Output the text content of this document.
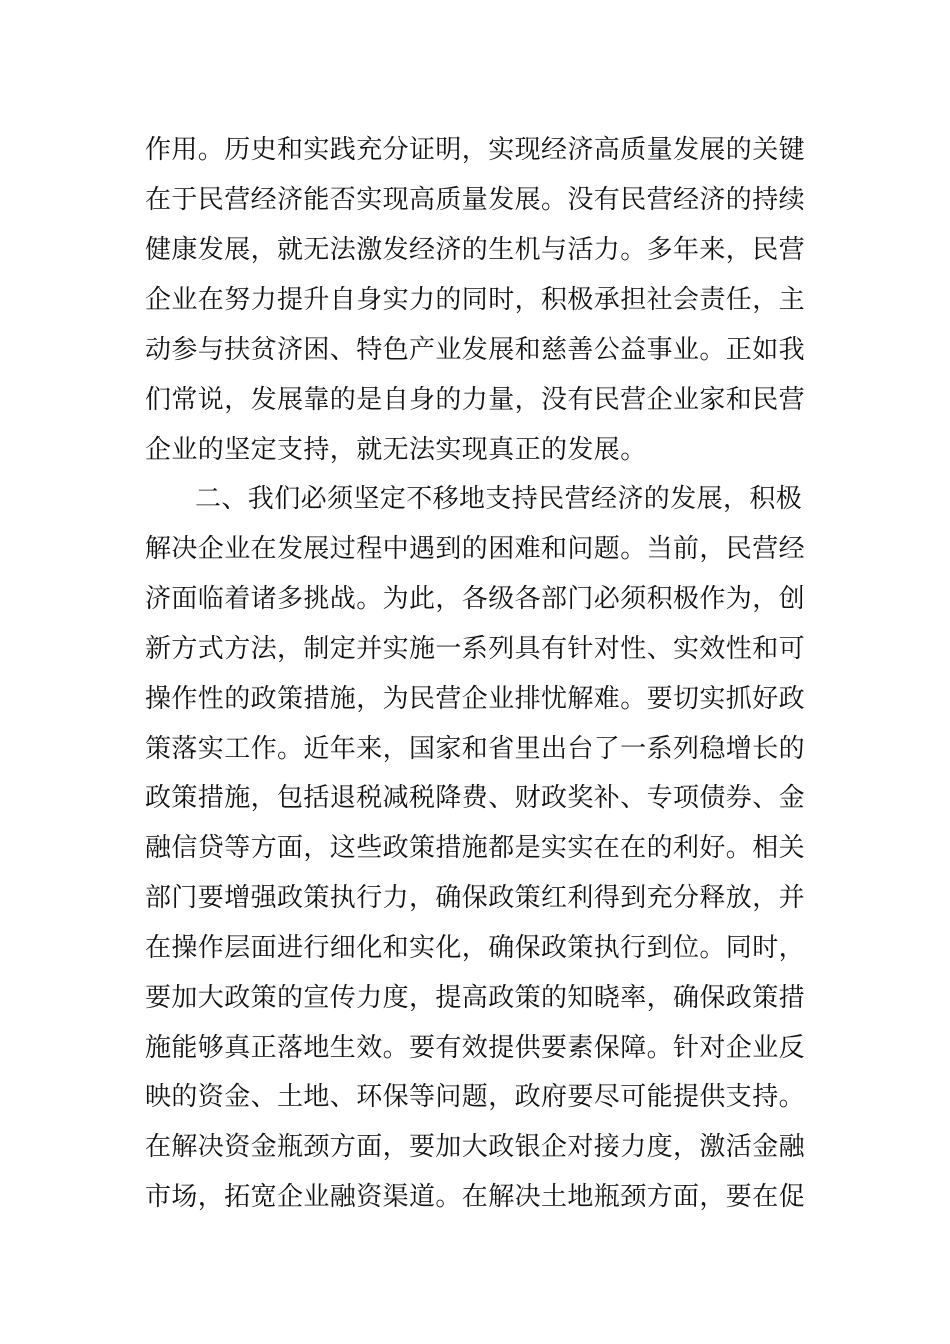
作用。历史和实践充分证明，实现经济高质量发展的关键
在于民营经济能否实现高质量发展。没有民营经济的持续
健康发展，就无法激发经济的生机与活力。多年来，民营
企业在努力提升自身实力的同时，积极承担社会责任，主
动参与扶贫济困、特色产业发展和慈善公益事业。正如我
们常说，发展靠的是自身的力量，没有民营企业家和民营
企业的坚定支持，就无法实现真正的发展。
二、我们必须坚定不移地支持民营经济的发展，积极
解决企业在发展过程中遇到的困难和问题。当前，民营经
济面临着诸多挑战。为此，各级各部门必须积极作为，创
新方式方法，制定并实施一系列具有针对性、实效性和可
操作性的政策措施，为民营企业排忧解难。要切实抓好政
策落实工作。近年来，国家和省里出台了一系列稳增长的
政策措施，包括退税减税降费、财政奖补、专项债券、金
融信贷等方面，这些政策措施都是实实在在的利好。相关
部门要增强政策执行力，确保政策红利得到充分释放，并
在操作层面进行细化和实化，确保政策执行到位。同时，
要加大政策的宣传力度，提高政策的知晓率，确保政策措
施能够真正落地生效。要有效提供要素保障。针对企业反
映的资金、土地、环保等问题，政府要尽可能提供支持。
在解决资金瓶颈方面，要加大政银企对接力度，激活金融
市场，拓宽企业融资渠道。在解决土地瓶颈方面，要在促
